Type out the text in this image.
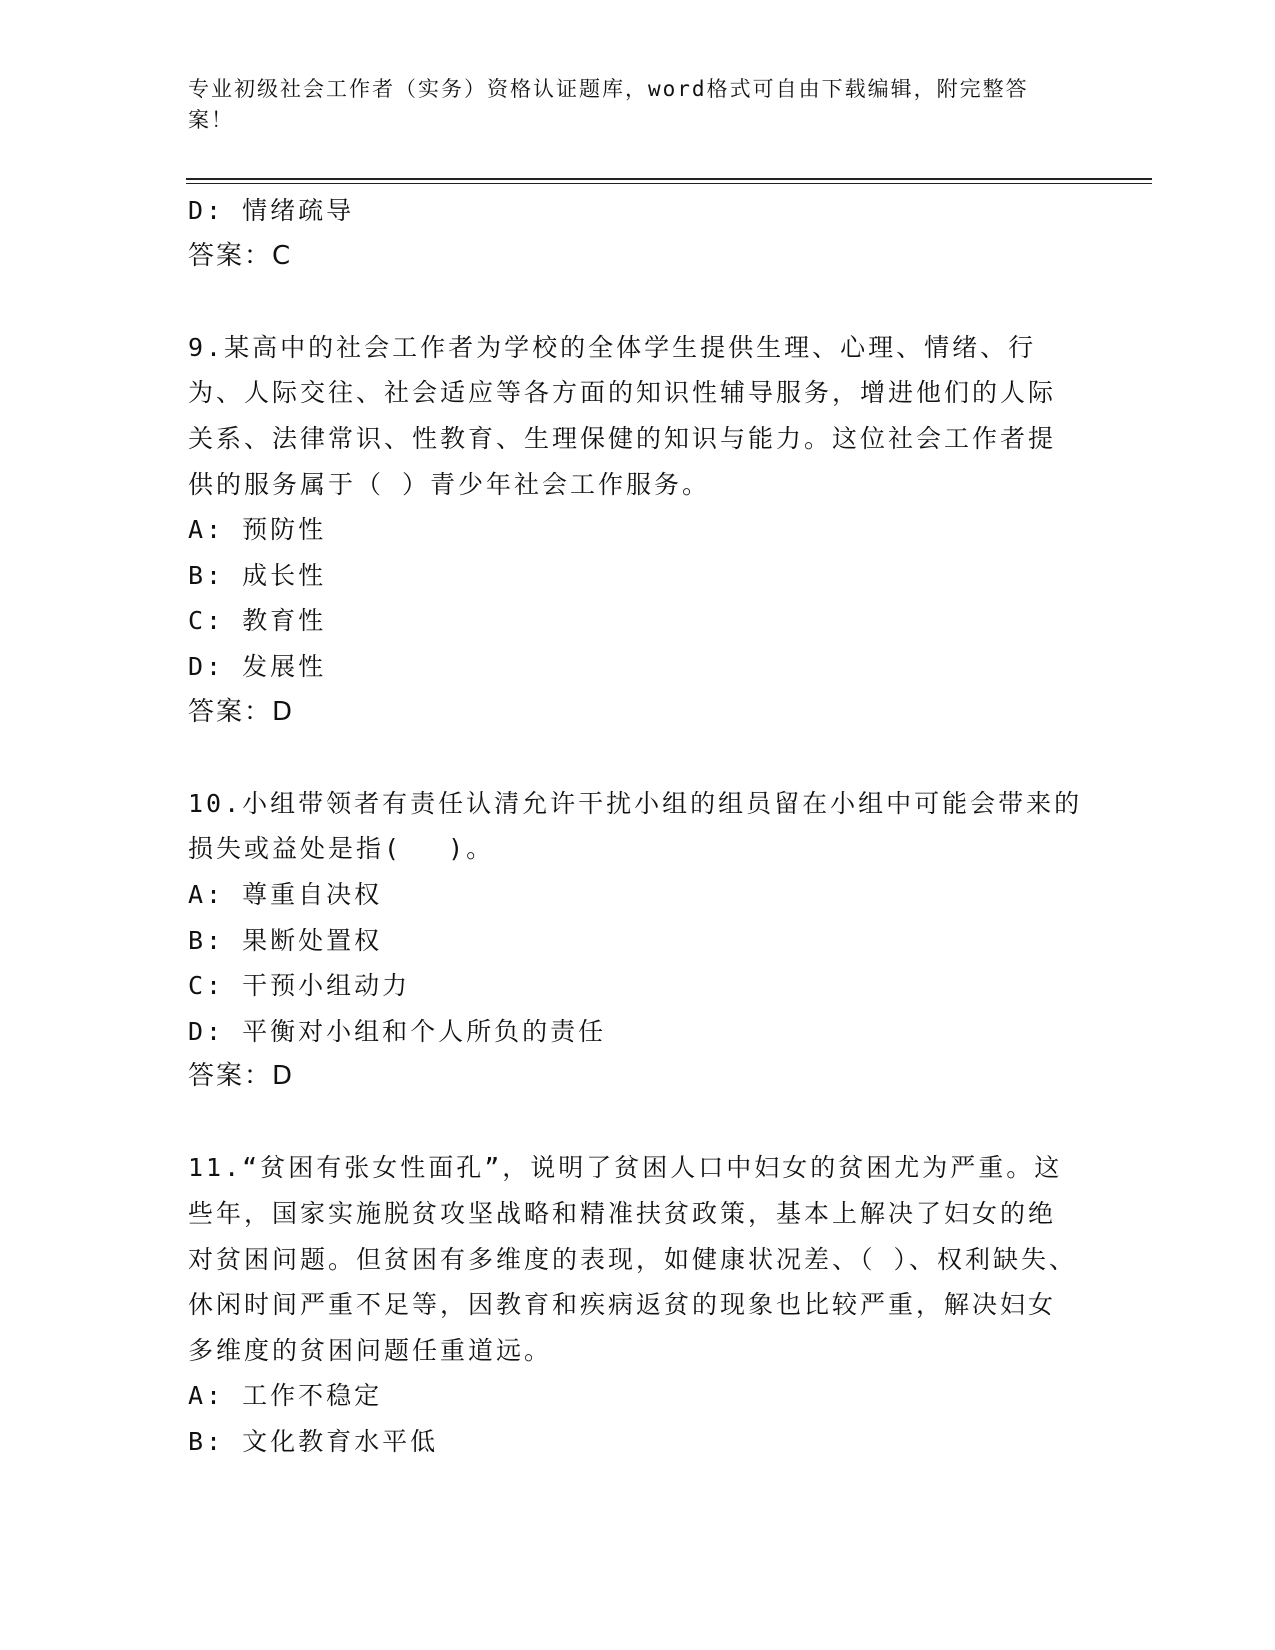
专业初级社会工作者（实务）资格认证题库，word格式可自由下载编辑，附完整答案！
D: 情绪疏导
答案：C
9.某高中的社会工作者为学校的全体学生提供生理、心理、情绪、行为、人际交往、社会适应等各方面的知识性辅导服务，增进他们的人际关系、法律常识、性教育、生理保健的知识与能力。这位社会工作者提供的服务属于（ ）青少年社会工作服务。
A: 预防性
B: 成长性
C: 教育性
D: 发展性
答案：D
10.小组带领者有责任认清允许干扰小组的组员留在小组中可能会带来的损失或益处是指(　 )。
A: 尊重自决权
B: 果断处置权
C: 干预小组动力
D: 平衡对小组和个人所负的责任
答案：D
11.“贫困有张女性面孔”，说明了贫困人口中妇女的贫困尤为严重。这些年，国家实施脱贫攻坚战略和精准扶贫政策，基本上解决了妇女的绝对贫困问题。但贫困有多维度的表现，如健康状况差、（ ）、权利缺失、休闲时间严重不足等，因教育和疾病返贫的现象也比较严重，解决妇女多维度的贫困问题任重道远。
A: 工作不稳定
B: 文化教育水平低
